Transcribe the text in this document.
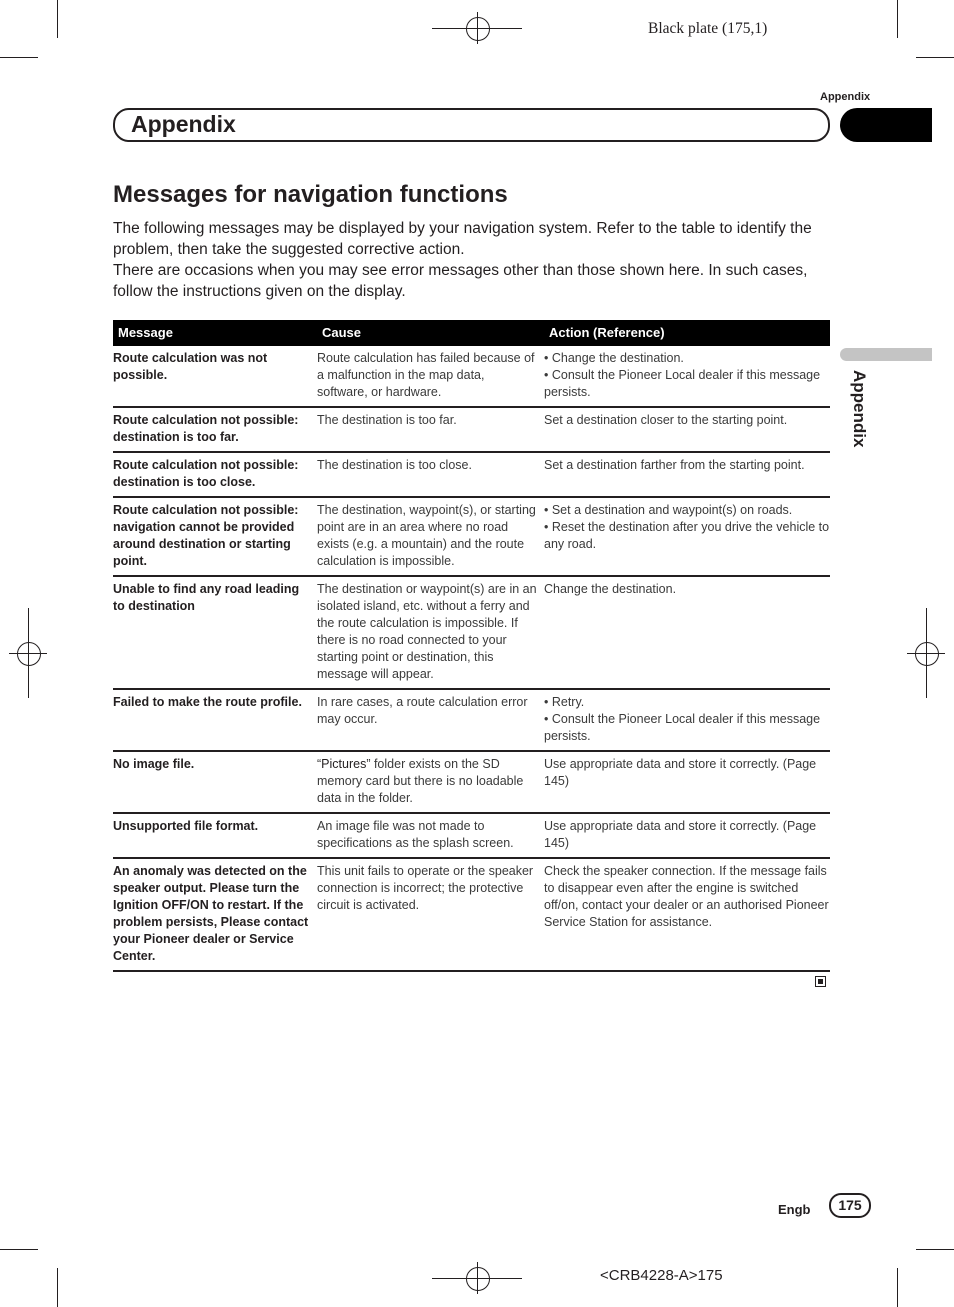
Black plate (175,1)
Appendix
Appendix
Appendix
Messages for navigation functions

The following messages may be displayed by your navigation system. Refer to the table to identify the problem, then take the suggested corrective action.

There are occasions when you may see error messages other than those shown here. In such cases, follow the instructions given on the display.

Message	Cause	Action (Reference)
Route calculation was not possible.	Route calculation has failed because of a malfunction in the map data, software, or hardware.	• Change the destination.
• Consult the Pioneer Local dealer if this message persists.
Route calculation not possible: destination is too far.	The destination is too far.	Set a destination closer to the starting point.
Route calculation not possible: destination is too close.	The destination is too close.	Set a destination farther from the starting point.
Route calculation not possible: navigation cannot be provided around destination or starting point.	The destination, waypoint(s), or starting point are in an area where no road exists (e.g. a mountain) and the route calculation is impossible.	• Set a destination and waypoint(s) on roads.
• Reset the destination after you drive the vehicle to any road.
Unable to find any road leading to destination	The destination or waypoint(s) are in an isolated island, etc. without a ferry and the route calculation is impossible. If there is no road connected to your starting point or destination, this message will appear.	Change the destination.
Failed to make the route profile.	In rare cases, a route calculation error may occur.	• Retry.
• Consult the Pioneer Local dealer if this message persists.
No image file.	“Pictures” folder exists on the SD memory card but there is no loadable data in the folder.	Use appropriate data and store it correctly. (Page 145)
Unsupported file format.	An image file was not made to specifications as the splash screen.	Use appropriate data and store it correctly. (Page 145)
An anomaly was detected on the speaker output. Please turn the Ignition OFF/ON to restart. If the problem persists, Please contact your Pioneer dealer or Service Center.	This unit fails to operate or the speaker connection is incorrect; the protective circuit is activated.	Check the speaker connection. If the message fails to disappear even after the engine is switched off/on, contact your dealer or an authorised Pioneer Service Station for assistance.
Engb	175
<CRB4228-A>175
